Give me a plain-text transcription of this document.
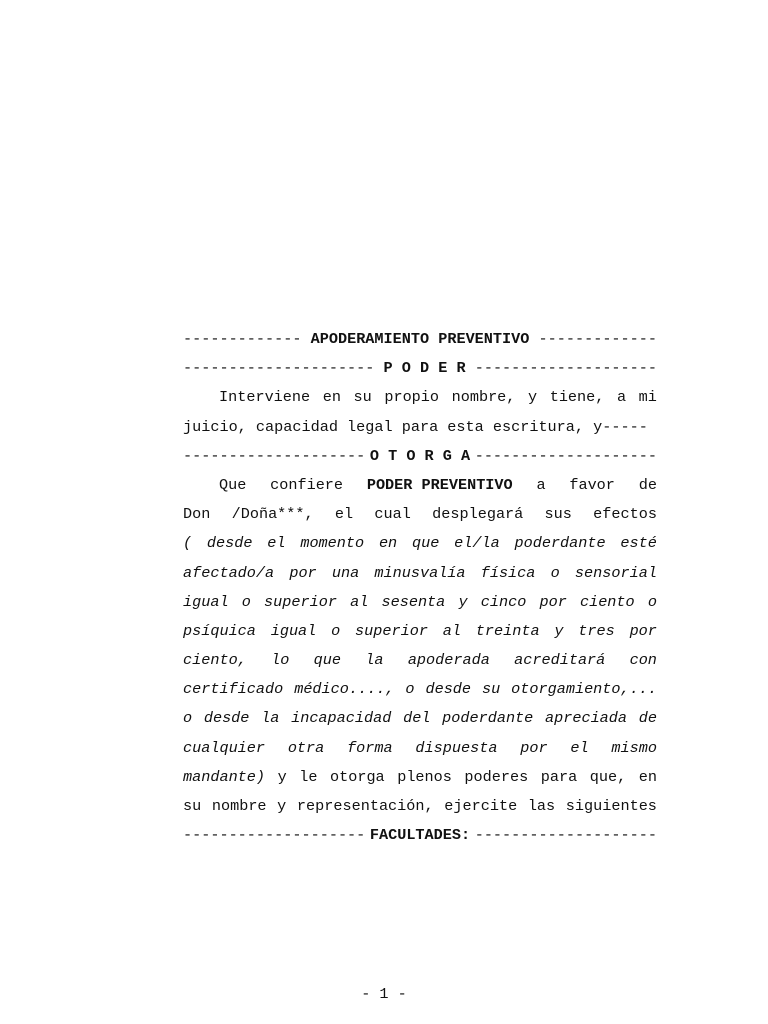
------------- APODERAMIENTO PREVENTIVO -------------
--------------------- P O D E R --------------------
Interviene en su propio nombre, y tiene, a mi
juicio, capacidad legal para esta escritura, y -----
-------------------- O T O R G A --------------------
Que confiere PODER PREVENTIVO a favor de
Don /Doña***, el cual desplegará sus efectos
( desde el momento en que el/la poderdante esté
afectado/a por una minusvalía física o sensorial
igual o superior al sesenta y cinco por ciento o
psíquica igual o superior al treinta y tres por
ciento, lo que la apoderada acreditará con
certificado médico...., o desde su otorgamiento,...
o desde la incapacidad del poderdante apreciada de
cualquier otra forma dispuesta por el mismo
mandante) y le otorga plenos poderes para que, en
su nombre y representación, ejercite las siguientes
-------------------- FACULTADES: --------------------
- 1 -
